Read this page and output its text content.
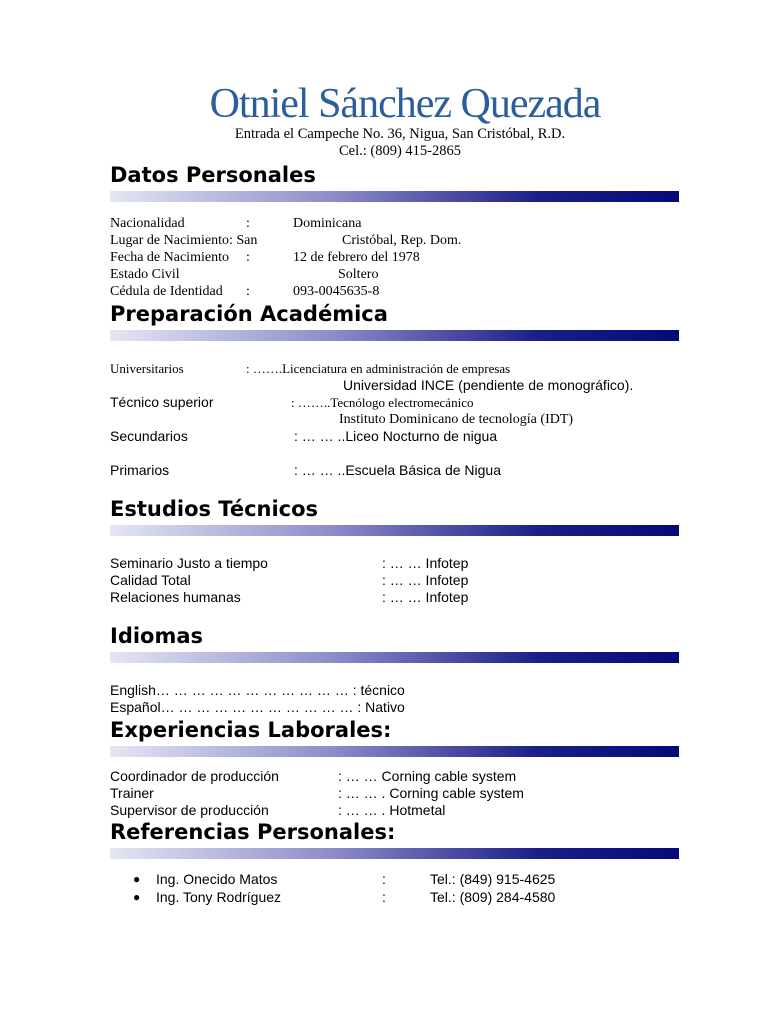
Otniel Sánchez Quezada
Entrada el Campeche No. 36, Nigua, San Cristóbal, R.D.
Cel.: (809) 415-2865
Datos Personales
Nacionalidad	:	Dominicana
Lugar de Nacimiento: San	Cristóbal, Rep. Dom.
Fecha de Nacimiento :	12 de febrero del 1978
Estado Civil	Soltero
Cédula de Identidad :	093-0045635-8
Preparación Académica
Universitarios	: …….Licenciatura en administración de empresas
Universidad INCE (pendiente de monográfico).
Técnico superior	: ……..Tecnólogo electromecánico
Instituto Dominicano de tecnología (IDT)
Secundarios	: … … ..Liceo Nocturno de nigua
Primarios	: … … ..Escuela Básica de Nigua
Estudios Técnicos
Seminario Justo a tiempo	: … … Infotep
Calidad Total	: … … Infotep
Relaciones humanas	: … … Infotep
Idiomas
English… … … … … … … … … … … : técnico
Español… … … … … … … … … … … : Nativo
Experiencias Laborales:
Coordinador de producción	: … … Corning cable system
Trainer	: … … . Corning cable system
Supervisor de producción	: … … . Hotmetal
Referencias Personales:
● Ing. Onecido Matos	:	Tel.: (849) 915-4625
● Ing. Tony Rodríguez	:	Tel.: (809) 284-4580
